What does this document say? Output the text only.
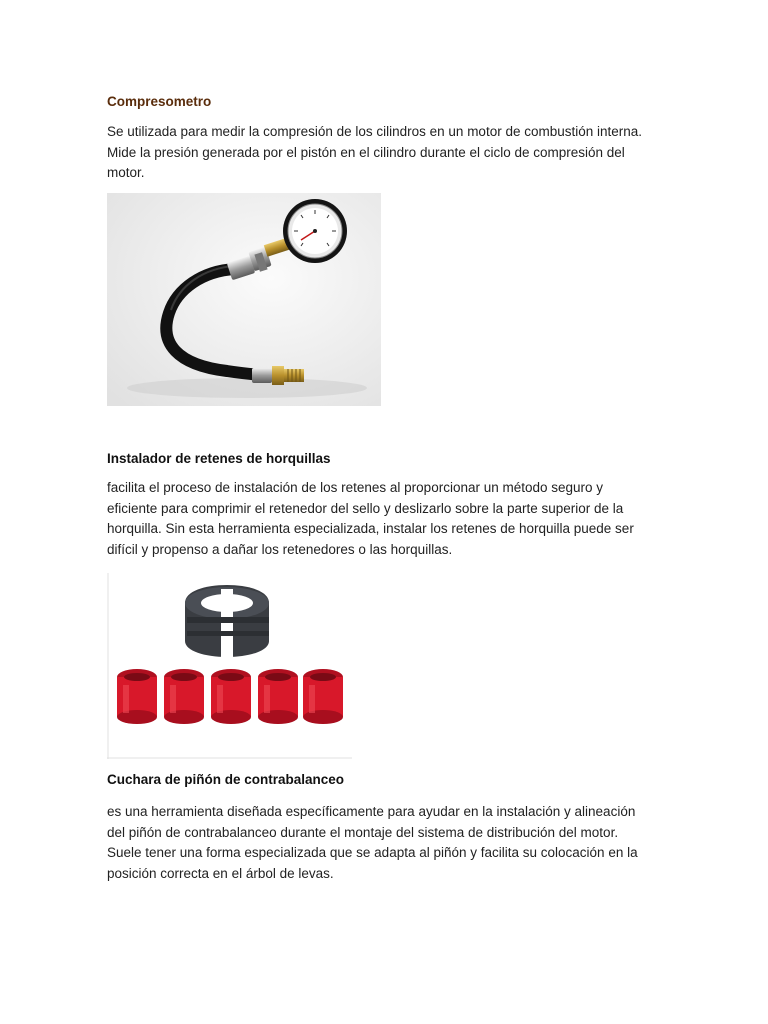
Compresometro

Se utilizada para medir la compresión de los cilindros en un motor de combustión interna. Mide la presión generada por el pistón en el cilindro durante el ciclo de compresión del motor.

Instalador de retenes de horquillas

facilita el proceso de instalación de los retenes al proporcionar un método seguro y eficiente para comprimir el retenedor del sello y deslizarlo sobre la parte superior de la horquilla. Sin esta herramienta especializada, instalar los retenes de horquilla puede ser difícil y propenso a dañar los retenedores o las horquillas.

Cuchara de piñón de contrabalanceo

es una herramienta diseñada específicamente para ayudar en la instalación y alineación del piñón de contrabalanceo durante el montaje del sistema de distribución del motor. Suele tener una forma especializada que se adapta al piñón y facilita su colocación en la posición correcta en el árbol de levas.
